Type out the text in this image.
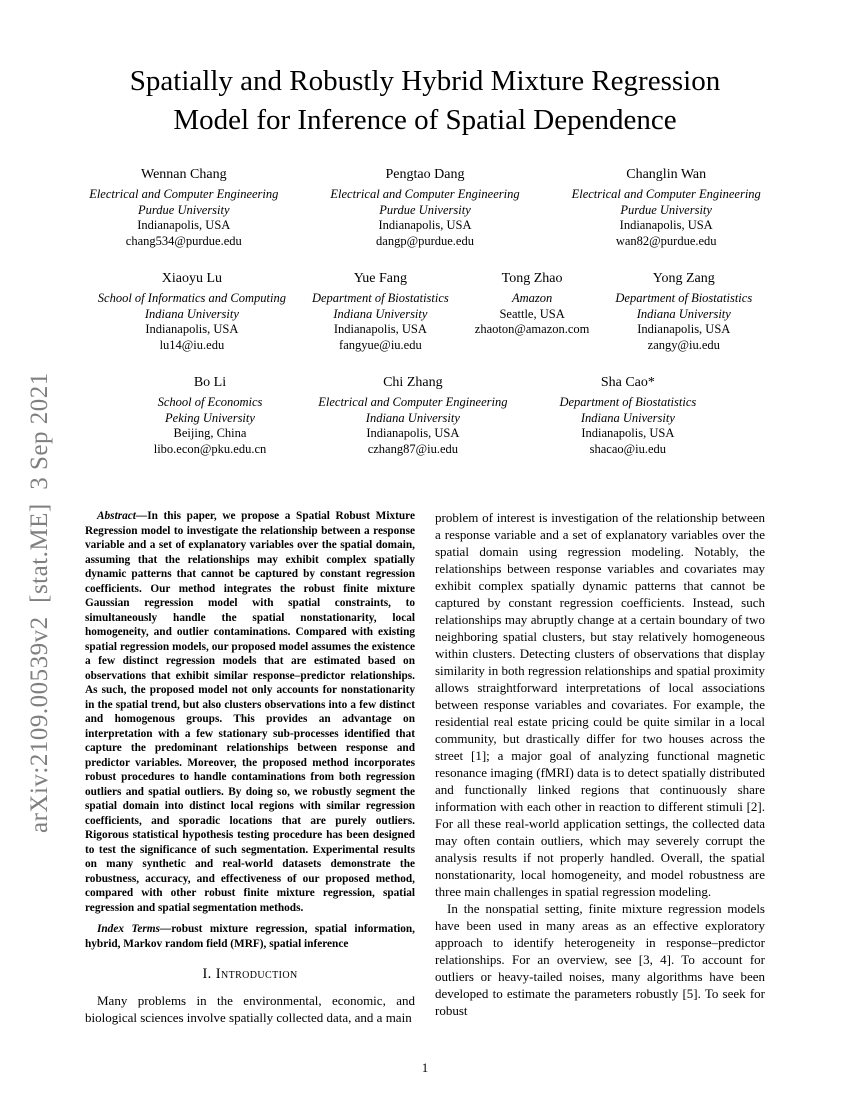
arXiv:2109.00539v2  [stat.ME]  3 Sep 2021
Spatially and Robustly Hybrid Mixture Regression
Model for Inference of Spatial Dependence
Wennan Chang
Electrical and Computer Engineering
Purdue University
Indianapolis, USA
chang534@purdue.edu
Pengtao Dang
Electrical and Computer Engineering
Purdue University
Indianapolis, USA
dangp@purdue.edu
Changlin Wan
Electrical and Computer Engineering
Purdue University
Indianapolis, USA
wan82@purdue.edu
Xiaoyu Lu
School of Informatics and Computing
Indiana University
Indianapolis, USA
lu14@iu.edu
Yue Fang
Department of Biostatistics
Indiana University
Indianapolis, USA
fangyue@iu.edu
Tong Zhao
Amazon
Seattle, USA
zhaoton@amazon.com
Yong Zang
Department of Biostatistics
Indiana University
Indianapolis, USA
zangy@iu.edu
Bo Li
School of Economics
Peking University
Beijing, China
libo.econ@pku.edu.cn
Chi Zhang
Electrical and Computer Engineering
Indiana University
Indianapolis, USA
czhang87@iu.edu
Sha Cao*
Department of Biostatistics
Indiana University
Indianapolis, USA
shacao@iu.edu

Abstract—In this paper, we propose a Spatial Robust Mixture Regression model to investigate the relationship between a response variable and a set of explanatory variables over the spatial domain, assuming that the relationships may exhibit complex spatially dynamic patterns that cannot be captured by constant regression coefficients. Our method integrates the robust finite mixture Gaussian regression model with spatial constraints, to simultaneously handle the spatial nonstationarity, local homogeneity, and outlier contaminations. Compared with existing spatial regression models, our proposed model assumes the existence a few distinct regression models that are estimated based on observations that exhibit similar response–predictor relationships. As such, the proposed model not only accounts for nonstationarity in the spatial trend, but also clusters observations into a few distinct and homogenous groups. This provides an advantage on interpretation with a few stationary sub-processes identified that capture the predominant relationships between response and predictor variables. Moreover, the proposed method incorporates robust procedures to handle contaminations from both regression outliers and spatial outliers. By doing so, we robustly segment the spatial domain into distinct local regions with similar regression coefficients, and sporadic locations that are purely outliers. Rigorous statistical hypothesis testing procedure has been designed to test the significance of such segmentation. Experimental results on many synthetic and real-world datasets demonstrate the robustness, accuracy, and effectiveness of our proposed method, compared with other robust finite mixture regression, spatial regression and spatial segmentation methods.

Index Terms—robust mixture regression, spatial information, hybrid, Markov random field (MRF), spatial inference

I. Introduction

Many problems in the environmental, economic, and biological sciences involve spatially collected data, and a main

problem of interest is investigation of the relationship between a response variable and a set of explanatory variables over the spatial domain using regression modeling. Notably, the relationships between response variables and covariates may exhibit complex spatially dynamic patterns that cannot be captured by constant regression coefficients. Instead, such relationships may abruptly change at a certain boundary of two neighboring spatial clusters, but stay relatively homogeneous within clusters. Detecting clusters of observations that display similarity in both regression relationships and spatial proximity allows straightforward interpretations of local associations between response variables and covariates. For example, the residential real estate pricing could be quite similar in a local community, but drastically differ for two houses across the street [1]; a major goal of analyzing functional magnetic resonance imaging (fMRI) data is to detect spatially distributed and functionally linked regions that continuously share information with each other in reaction to different stimuli [2]. For all these real-world application settings, the collected data may often contain outliers, which may severely corrupt the analysis results if not properly handled. Overall, the spatial nonstationarity, local homogeneity, and model robustness are three main challenges in spatial regression modeling.

In the nonspatial setting, finite mixture regression models have been used in many areas as an effective exploratory approach to identify heterogeneity in response–predictor relationships. For an overview, see [3, 4]. To account for outliers or heavy-tailed noises, many algorithms have been developed to estimate the parameters robustly [5]. To seek for robust

1
